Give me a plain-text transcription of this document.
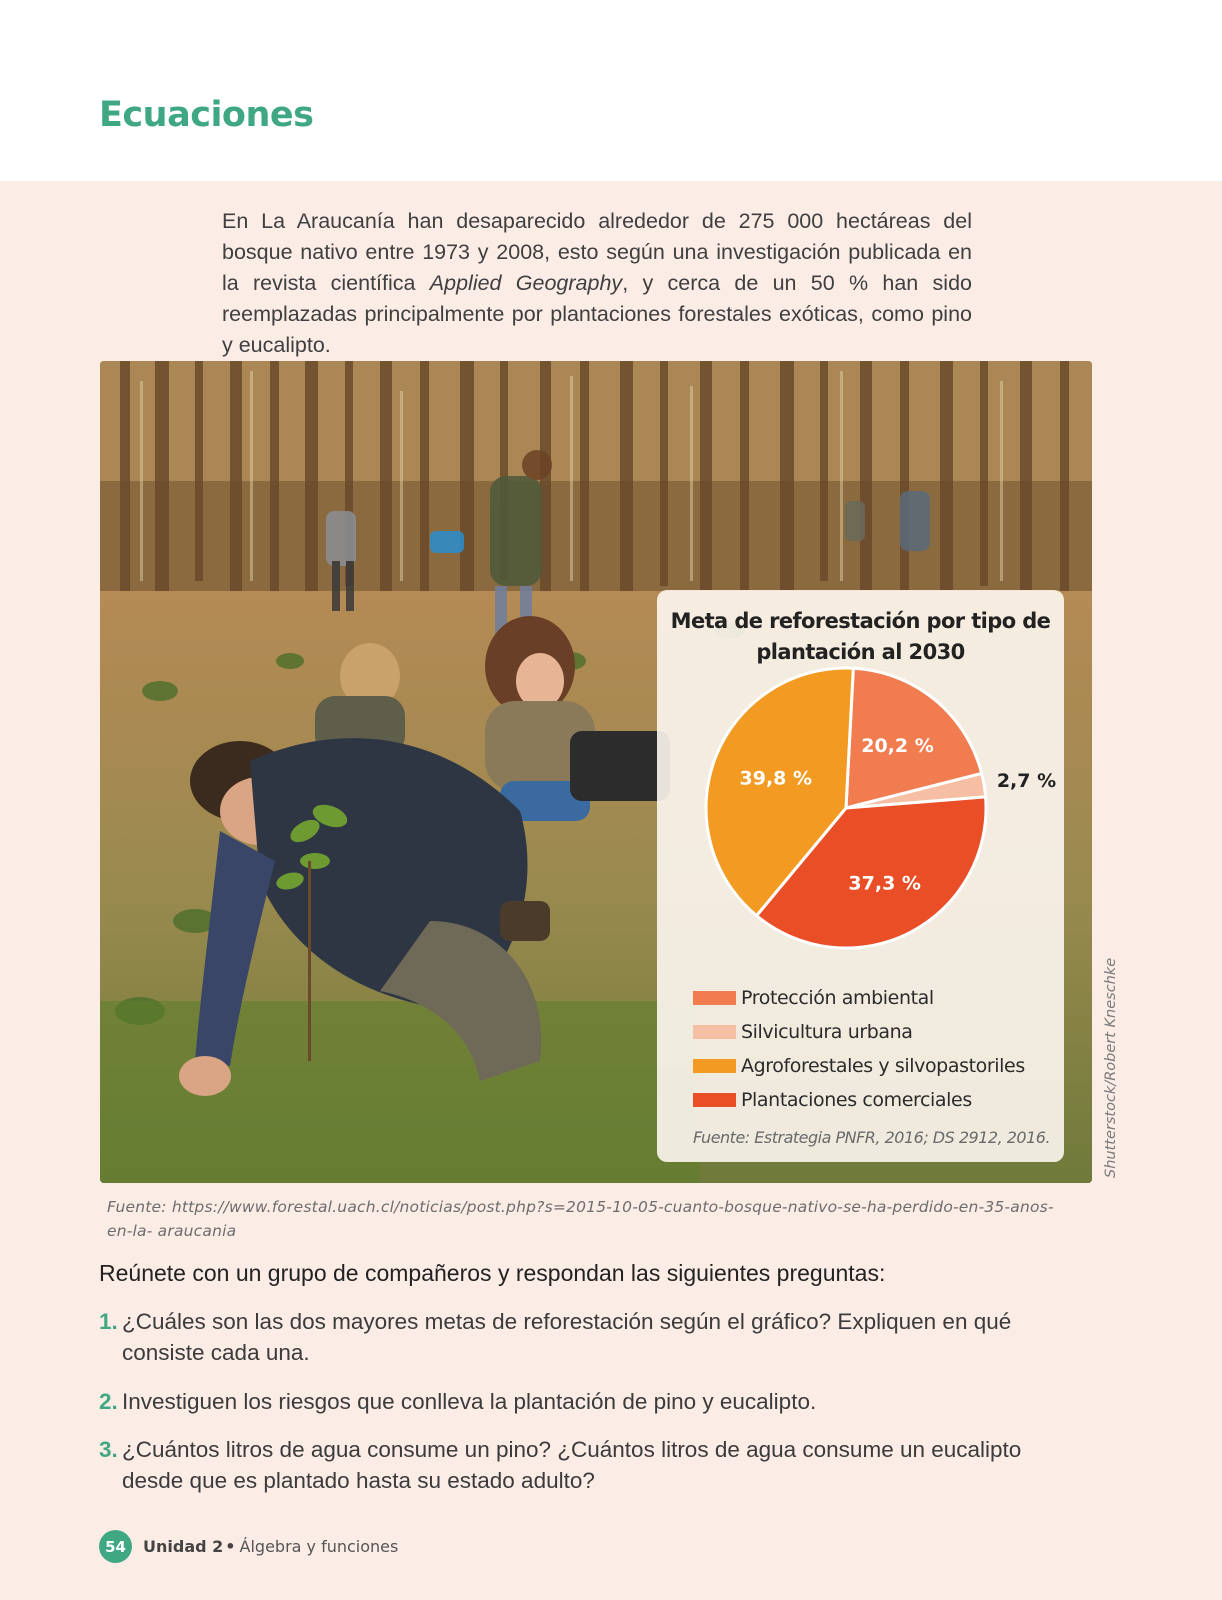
Ecuaciones

En La Araucanía han desaparecido alrededor de 275 000 hectáreas del bosque nativo entre 1973 y 2008, esto según una investigación publicada en la revista científica Applied Geography, y cerca de un 50 % han sido reemplazadas principalmente por plantaciones forestales exóticas, como pino y eucalipto.

Meta de reforestación por tipo de plantación al 2030
20,2 %
2,7 %
37,3 %
39,8 %
Protección ambiental
Silvicultura urbana
Agroforestales y silvopastoriles
Plantaciones comerciales
Fuente: Estrategia PNFR, 2016; DS 2912, 2016.	Shutterstock/Robert Kneschke

Fuente: https://www.forestal.uach.cl/noticias/post.php?s=2015-10-05-cuanto-bosque-nativo-se-ha-perdido-en-35-anos-en-la- araucania

Reúnete con un grupo de compañeros y respondan las siguientes preguntas:

1. ¿Cuáles son las dos mayores metas de reforestación según el gráfico? Expliquen en qué consiste cada una.
2. Investiguen los riesgos que conlleva la plantación de pino y eucalipto.
3. ¿Cuántos litros de agua consume un pino? ¿Cuántos litros de agua consume un eucalipto desde que es plantado hasta su estado adulto?
54	Unidad 2 • Álgebra y funciones
